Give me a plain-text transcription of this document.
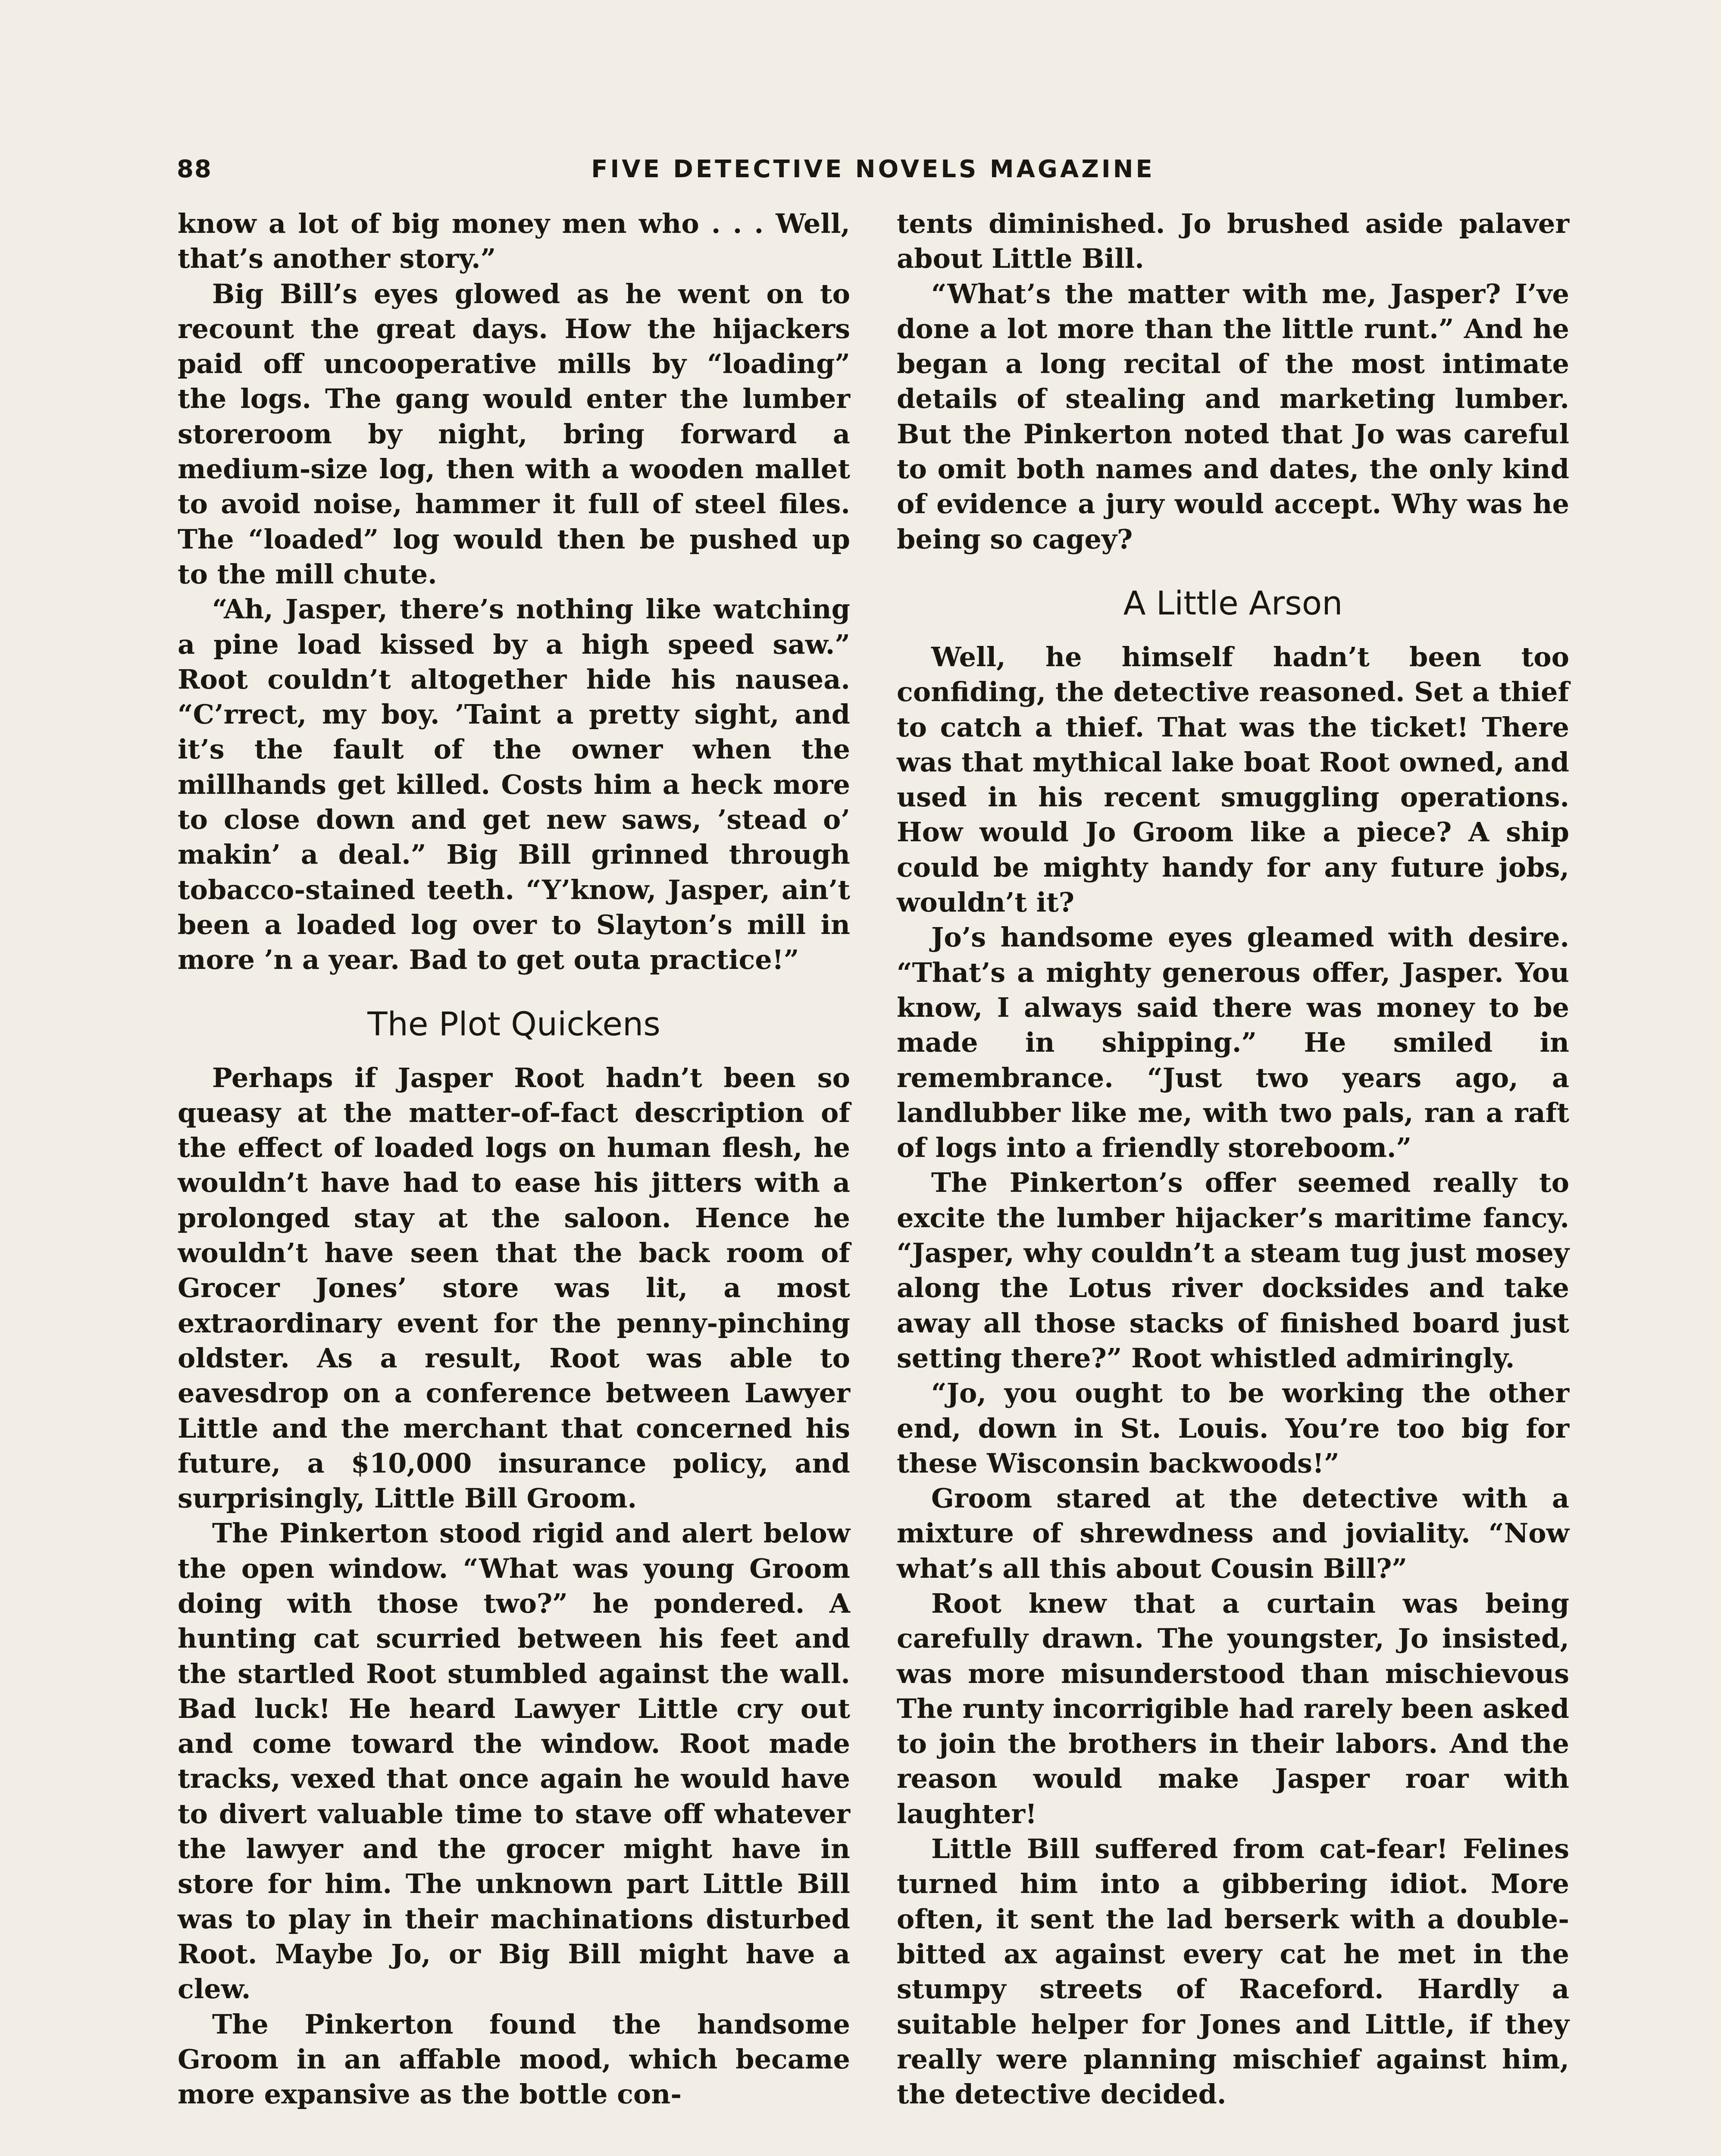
88	FIVE DETECTIVE NOVELS MAGAZINE

know a lot of big money men who . . . Well, that’s another story.”

Big Bill’s eyes glowed as he went on to recount the great days. How the hijackers paid off uncooperative mills by “loading” the logs. The gang would enter the lumber storeroom by night, bring forward a medium-size log, then with a wooden mallet to avoid noise, hammer it full of steel files. The “loaded” log would then be pushed up to the mill chute.

“Ah, Jasper, there’s nothing like watching a pine load kissed by a high speed saw.” Root couldn’t altogether hide his nausea. “C’rrect, my boy. ’Taint a pretty sight, and it’s the fault of the owner when the millhands get killed. Costs him a heck more to close down and get new saws, ’stead o’ makin’ a deal.” Big Bill grinned through tobacco-stained teeth. “Y’know, Jasper, ain’t been a loaded log over to Slayton’s mill in more ’n a year. Bad to get outa practice!”

The Plot Quickens

Perhaps if Jasper Root hadn’t been so queasy at the matter-of-fact description of the effect of loaded logs on human flesh, he wouldn’t have had to ease his jitters with a prolonged stay at the saloon. Hence he wouldn’t have seen that the back room of Grocer Jones’ store was lit, a most extraordinary event for the penny-pinching oldster. As a result, Root was able to eavesdrop on a conference between Lawyer Little and the merchant that concerned his future, a $10,000 insurance policy, and surprisingly, Little Bill Groom.

The Pinkerton stood rigid and alert below the open window. “What was young Groom doing with those two?” he pondered. A hunting cat scurried between his feet and the startled Root stumbled against the wall. Bad luck! He heard Lawyer Little cry out and come toward the window. Root made tracks, vexed that once again he would have to divert valuable time to stave off whatever the lawyer and the grocer might have in store for him. The unknown part Little Bill was to play in their machinations disturbed Root. Maybe Jo, or Big Bill might have a clew.

The Pinkerton found the handsome Groom in an affable mood, which became more expansive as the bottle con-

tents diminished. Jo brushed aside palaver about Little Bill.

“What’s the matter with me, Jasper? I’ve done a lot more than the little runt.” And he began a long recital of the most intimate details of stealing and marketing lumber. But the Pinkerton noted that Jo was careful to omit both names and dates, the only kind of evidence a jury would accept. Why was he being so cagey?

A Little Arson

Well, he himself hadn’t been too confiding, the detective reasoned. Set a thief to catch a thief. That was the ticket! There was that mythical lake boat Root owned, and used in his recent smuggling operations. How would Jo Groom like a piece? A ship could be mighty handy for any future jobs, wouldn’t it?

Jo’s handsome eyes gleamed with desire. “That’s a mighty generous offer, Jasper. You know, I always said there was money to be made in shipping.” He smiled in remembrance. “Just two years ago, a landlubber like me, with two pals, ran a raft of logs into a friendly storeboom.”

The Pinkerton’s offer seemed really to excite the lumber hijacker’s maritime fancy. “Jasper, why couldn’t a steam tug just mosey along the Lotus river docksides and take away all those stacks of finished board just setting there?” Root whistled admiringly.

“Jo, you ought to be working the other end, down in St. Louis. You’re too big for these Wisconsin backwoods!”

Groom stared at the detective with a mixture of shrewdness and joviality. “Now what’s all this about Cousin Bill?”

Root knew that a curtain was being carefully drawn. The youngster, Jo insisted, was more misunderstood than mischievous The runty incorrigible had rarely been asked to join the brothers in their labors. And the reason would make Jasper roar with laughter!

Little Bill suffered from cat-fear! Felines turned him into a gibbering idiot. More often, it sent the lad berserk with a double-bitted ax against every cat he met in the stumpy streets of Raceford. Hardly a suitable helper for Jones and Little, if they really were planning mischief against him, the detective decided.
